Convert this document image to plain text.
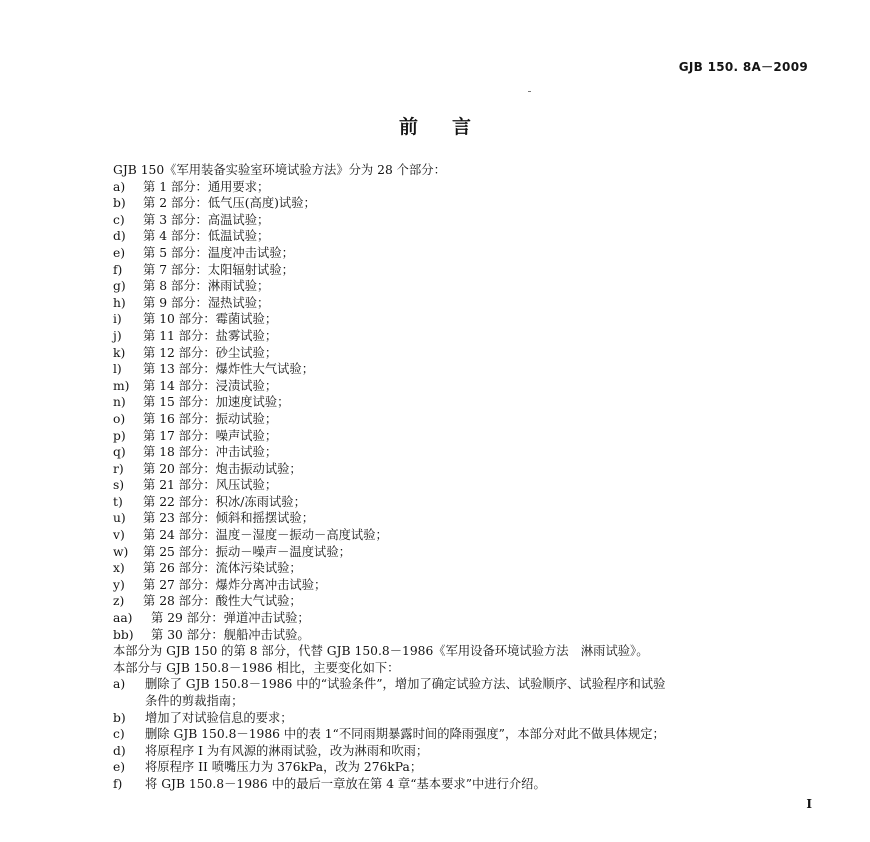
GJB 150. 8A－2009
前言
GJB 150《军用装备实验室环境试验方法》分为 28 个部分：
a) 第 1 部分：通用要求；
b) 第 2 部分：低气压(高度)试验；
c) 第 3 部分：高温试验；
d) 第 4 部分：低温试验；
e) 第 5 部分：温度冲击试验；
f) 第 7 部分：太阳辐射试验；
g) 第 8 部分：淋雨试验；
h) 第 9 部分：湿热试验；
i) 第 10 部分：霉菌试验；
j) 第 11 部分：盐雾试验；
k) 第 12 部分：砂尘试验；
l) 第 13 部分：爆炸性大气试验；
m) 第 14 部分：浸渍试验；
n) 第 15 部分：加速度试验；
o) 第 16 部分：振动试验；
p) 第 17 部分：噪声试验；
q) 第 18 部分：冲击试验；
r) 第 20 部分：炮击振动试验；
s) 第 21 部分：风压试验；
t) 第 22 部分：积冰/冻雨试验；
u) 第 23 部分：倾斜和摇摆试验；
v) 第 24 部分：温度－湿度－振动－高度试验；
w) 第 25 部分：振动－噪声－温度试验；
x) 第 26 部分：流体污染试验；
y) 第 27 部分：爆炸分离冲击试验；
z) 第 28 部分：酸性大气试验；
aa) 第 29 部分：弹道冲击试验；
bb) 第 30 部分：舰船冲击试验。
本部分为 GJB 150 的第 8 部分，代替 GJB 150.8－1986《军用设备环境试验方法　淋雨试验》。
本部分与 GJB 150.8－1986 相比，主要变化如下：
a) 删除了 GJB 150.8－1986 中的“试验条件”，增加了确定试验方法、试验顺序、试验程序和试验
条件的剪裁指南；
b) 增加了对试验信息的要求；
c) 删除 GJB 150.8－1986 中的表 1“不同雨期暴露时间的降雨强度”，本部分对此不做具体规定；
d) 将原程序 I 为有风源的淋雨试验，改为淋雨和吹雨；
e) 将原程序 II 喷嘴压力为 376kPa，改为 276kPa；
f) 将 GJB 150.8－1986 中的最后一章放在第 4 章“基本要求”中进行介绍。
I
